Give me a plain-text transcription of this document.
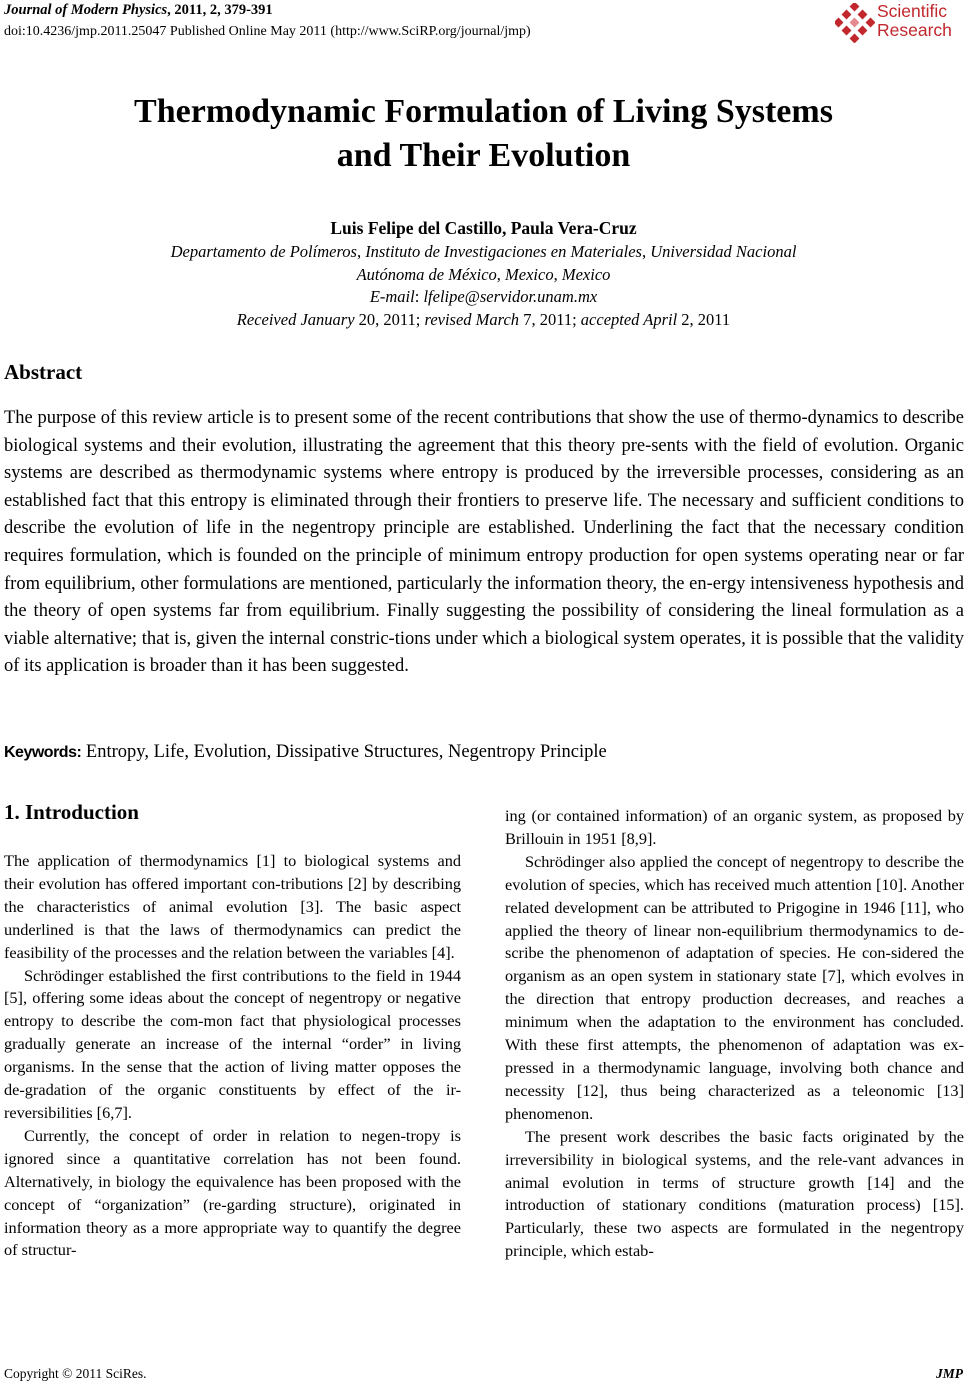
Journal of Modern Physics, 2011, 2, 379-391
doi:10.4236/jmp.2011.25047 Published Online May 2011 (http://www.SciRP.org/journal/jmp)
Scientific
Research
Thermodynamic Formulation of Living Systems
and Their Evolution
Luis Felipe del Castillo, Paula Vera-Cruz
Departamento de Polímeros, Instituto de Investigaciones en Materiales, Universidad Nacional
Autónoma de México, Mexico, Mexico
E-mail: lfelipe@servidor.unam.mx
Received January 20, 2011; revised March 7, 2011; accepted April 2, 2011
Abstract
The purpose of this review article is to present some of the recent contributions that show the use of thermo-dynamics to describe biological systems and their evolution, illustrating the agreement that this theory pre-sents with the field of evolution. Organic systems are described as thermodynamic systems where entropy is produced by the irreversible processes, considering as an established fact that this entropy is eliminated through their frontiers to preserve life. The necessary and sufficient conditions to describe the evolution of life in the negentropy principle are established. Underlining the fact that the necessary condition requires formulation, which is founded on the principle of minimum entropy production for open systems operating near or far from equilibrium, other formulations are mentioned, particularly the information theory, the en-ergy intensiveness hypothesis and the theory of open systems far from equilibrium. Finally suggesting the possibility of considering the lineal formulation as a viable alternative; that is, given the internal constric-tions under which a biological system operates, it is possible that the validity of its application is broader than it has been suggested.
Keywords: Entropy, Life, Evolution, Dissipative Structures, Negentropy Principle
1. Introduction

The application of thermodynamics [1] to biological systems and their evolution has offered important con-tributions [2] by describing the characteristics of animal evolution [3]. The basic aspect underlined is that the laws of thermodynamics can predict the feasibility of the processes and the relation between the variables [4].

Schrödinger established the first contributions to the field in 1944 [5], offering some ideas about the concept of negentropy or negative entropy to describe the com-mon fact that physiological processes gradually generate an increase of the internal “order” in living organisms. In the sense that the action of living matter opposes the de-gradation of the organic constituents by effect of the ir-reversibilities [6,7].

Currently, the concept of order in relation to negen-tropy is ignored since a quantitative correlation has not been found. Alternatively, in biology the equivalence has been proposed with the concept of “organization” (re-garding structure), originated in information theory as a more appropriate way to quantify the degree of structur-

ing (or contained information) of an organic system, as proposed by Brillouin in 1951 [8,9].

Schrödinger also applied the concept of negentropy to describe the evolution of species, which has received much attention [10]. Another related development can be attributed to Prigogine in 1946 [11], who applied the theory of linear non-equilibrium thermodynamics to de-scribe the phenomenon of adaptation of species. He con-sidered the organism as an open system in stationary state [7], which evolves in the direction that entropy production decreases, and reaches a minimum when the adaptation to the environment has concluded. With these first attempts, the phenomenon of adaptation was ex-pressed in a thermodynamic language, involving both chance and necessity [12], thus being characterized as a teleonomic [13] phenomenon.

The present work describes the basic facts originated by the irreversibility in biological systems, and the rele-vant advances in animal evolution in terms of structure growth [14] and the introduction of stationary conditions (maturation process) [15]. Particularly, these two aspects are formulated in the negentropy principle, which estab-

Copyright © 2011 SciRes.	JMP
